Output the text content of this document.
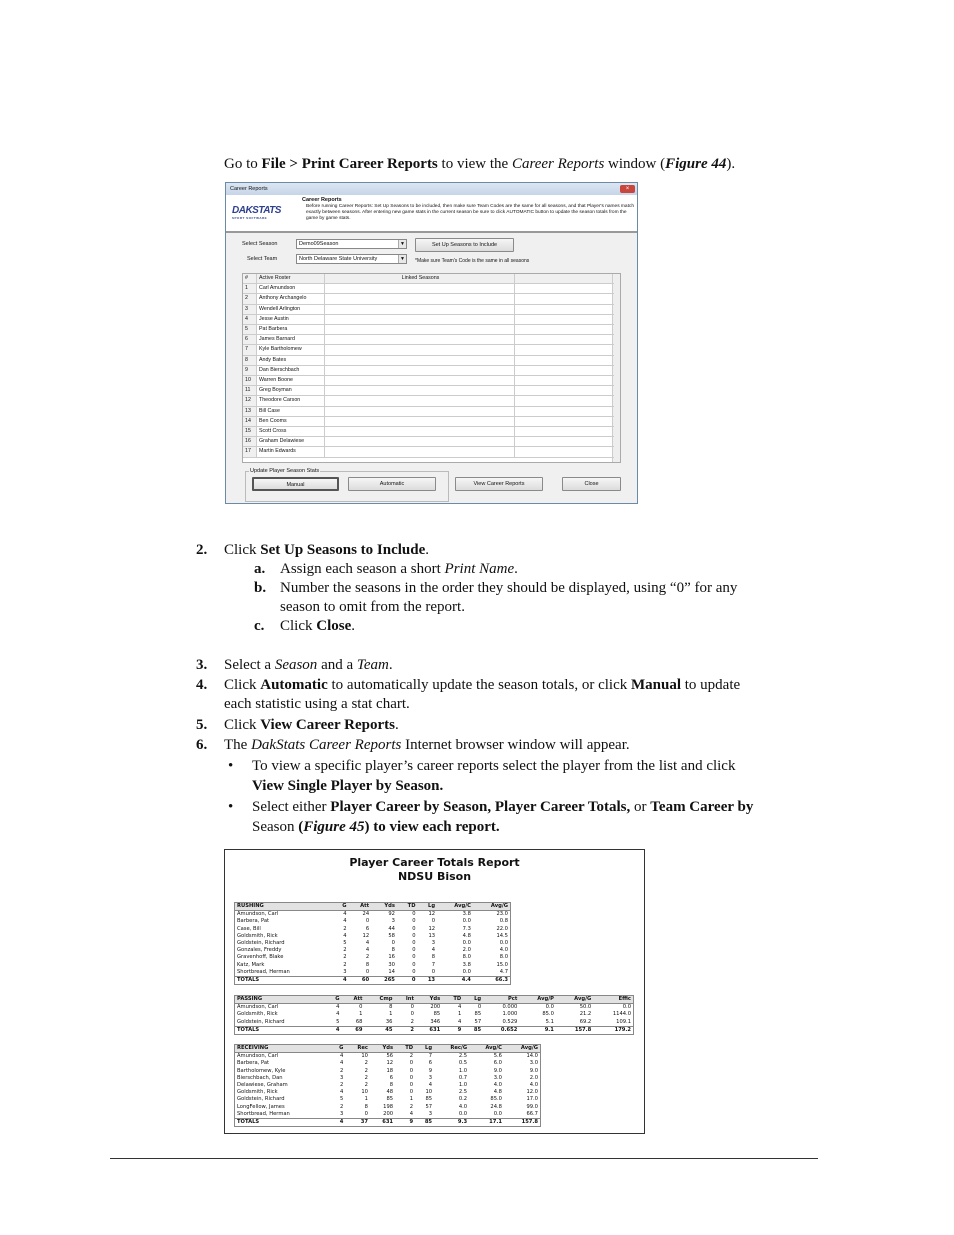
Go to File > Print Career Reports to view the Career Reports window (Figure 44).
Career Reports	×
DAKSTATS
SPORT SOFTWARE
Career Reports
Before running Career Reports: Set Up Seasons to be included, then make sure Team Codes are the same for all seasons, and that Player's names match exactly between seasons. After entering new game stats in the current season be sure to click AUTOMATIC button to update the season totals from the game by game stats.
Select Season	Demo09Season	▼	Set Up Seasons to Include
Select Team	North Delaware State University	▼ *Make sure Team's Code is the same in all seasons
#	Active Roster	Linked Seasons
1	Carl Amundson
2	Anthony Archangelo
3	Wendell Arlington
4	Jesse Austin
5	Pat Barbera
6	James Barnard
7	Kyle Bartholomew
8	Andy Bates
9	Dan Bierschbach
10	Warren Boone
11	Greg Boyman
12	Theodore Carson
13	Bill Case
14	Ben Cooms
15	Scott Cross
16	Graham Delawiese
17	Martin Edwards
Update Player Season Stats
Manual	Automatic	View Career Reports	Close
2. Click Set Up Seasons to Include.
a. Assign each season a short Print Name.
b. Number the seasons in the order they should be displayed, using “0” for any
season to omit from the report.
c. Click Close.
3. Select a Season and a Team.
4. Click Automatic to automatically update the season totals, or click Manual to update
each statistic using a stat chart.
5. Click View Career Reports.
6. The DakStats Career Reports Internet browser window will appear.
• To view a specific player’s career reports select the player from the list and click
View Single Player by Season.
• Select either Player Career by Season, Player Career Totals, or Team Career by
Season (Figure 45) to view each report.
Player Career Totals Report
NDSU Bison
RUSHING	G	Att	Yds	TD	Lg	Avg/C	Avg/G
Amundson, Carl	4	24	92	0	12	3.8	23.0
Barbera, Pat	4	0	3	0	0	0.0	0.8
Case, Bill	2	6	44	0	12	7.3	22.0
Goldsmith, Rick	4	12	58	0	13	4.8	14.5
Goldstein, Richard	5	4	0	0	3	0.0	0.0
Gonzales, Freddy	2	4	8	0	4	2.0	4.0
Gravenhoff, Blake	2	2	16	0	8	8.0	8.0
Katz, Mark	2	8	30	0	7	3.8	15.0
Shortbread, Herman	3	0	14	0	0	0.0	4.7
TOTALS	4	60	265	0	13	4.4	66.3
PASSING	G	Att	Cmp	Int	Yds	TD	Lg	Pct	Avg/P	Avg/G	Effic
Amundson, Carl	4	0	8	0	200	4	0	0.000	0.0	50.0	0.0
Goldsmith, Rick	4	1	1	0	85	1	85	1.000	85.0	21.2	1144.0
Goldstein, Richard	5	68	36	2	346	4	57	0.529	5.1	69.2	109.1
TOTALS	4	69	45	2	631	9	85	0.652	9.1	157.8	179.2
RECEIVING	G	Rec	Yds	TD	Lg	Rec/G	Avg/C	Avg/G
Amundson, Carl	4	10	56	2	7	2.5	5.6	14.0
Barbera, Pat	4	2	12	0	6	0.5	6.0	3.0
Bartholomew, Kyle	2	2	18	0	9	1.0	9.0	9.0
Bierschbach, Dan	3	2	6	0	3	0.7	3.0	2.0
Delawiese, Graham	2	2	8	0	4	1.0	4.0	4.0
Goldsmith, Rick	4	10	48	0	10	2.5	4.8	12.0
Goldstein, Richard	5	1	85	1	85	0.2	85.0	17.0
LongFellow, James	2	8	198	2	57	4.0	24.8	99.0
Shortbread, Herman	3	0	200	4	3	0.0	0.0	66.7
TOTALS	4	37	631	9	85	9.3	17.1	157.8
